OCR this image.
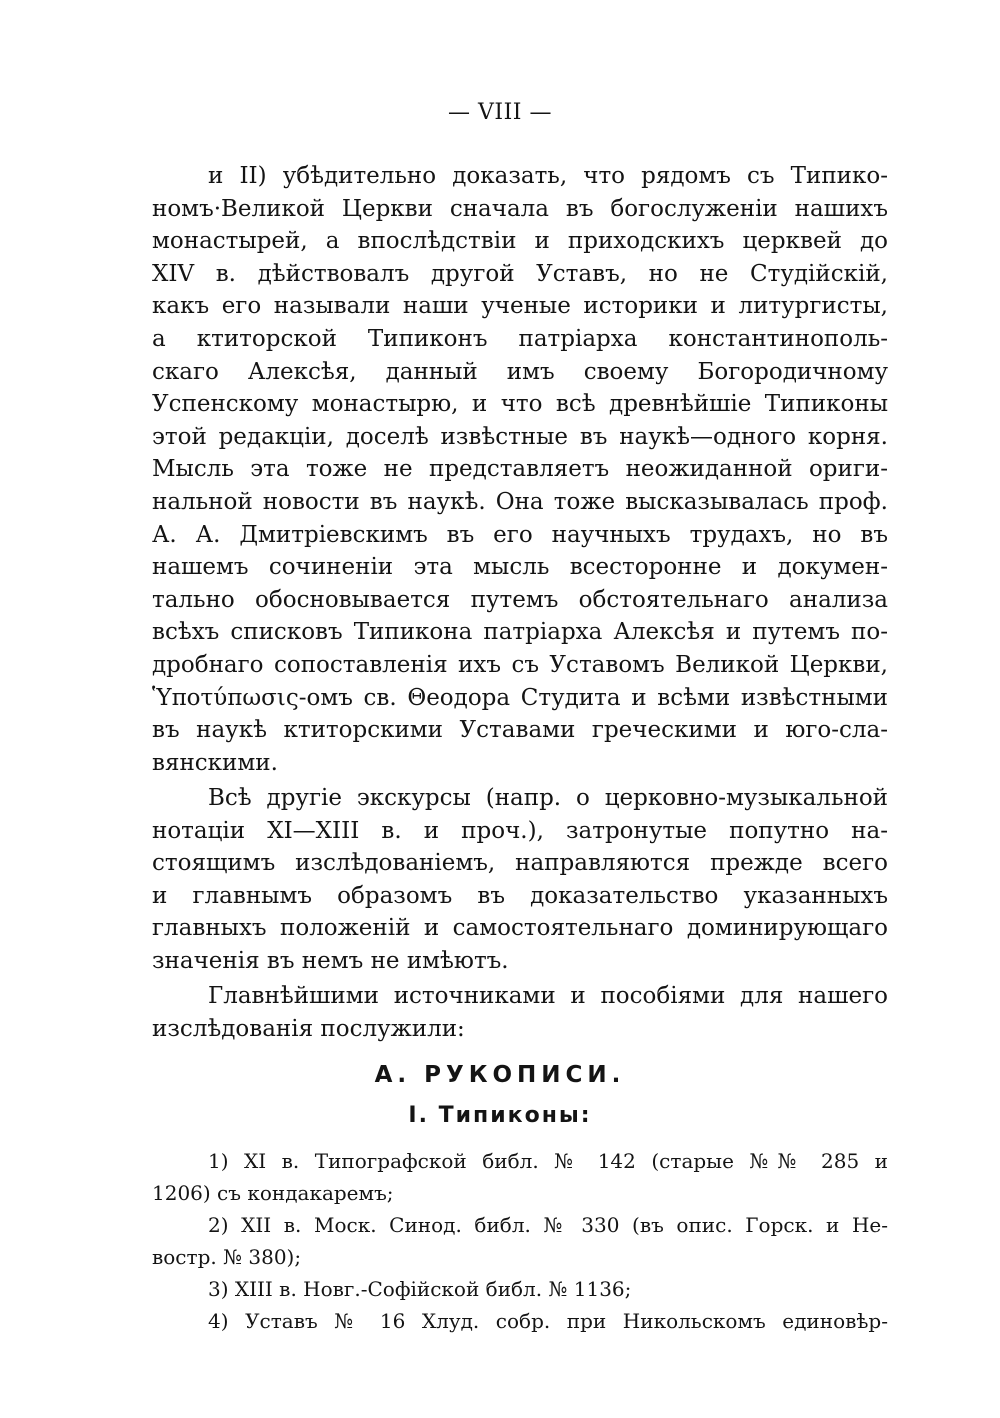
— VIII —
и II) убѣдительно доказать, что рядомъ съ Типико-
номъ·Великой Церкви сначала въ богослуженіи нашихъ
монастырей, а впослѣдствіи и приходскихъ церквей до
XIV в. дѣйствовалъ другой Уставъ, но не Студійскій,
какъ его называли наши ученые историки и литургисты,
а ктиторской Типиконъ патріарха константинополь-
скаго Алексѣя, данный имъ своему Богородичному
Успенскому монастырю, и что всѣ древнѣйшіе Типиконы
этой редакціи, доселѣ извѣстные въ наукѣ—одного корня.
Мысль эта тоже не представляетъ неожиданной ориги-
нальной новости въ наукѣ. Она тоже высказывалась проф.
А. А. Дмитріевскимъ въ его научныхъ трудахъ, но въ
нашемъ сочиненіи эта мысль всесторонне и докумен-
тально обосновывается путемъ обстоятельнаго анализа
всѣхъ списковъ Типикона патріарха Алексѣя и путемъ по-
дробнаго сопоставленія ихъ съ Уставомъ Великой Церкви,
Ὑποτύπωσις-омъ св. Θеодора Студита и всѣми извѣстными
въ наукѣ ктиторскими Уставами греческими и юго-сла-
вянскими.
Всѣ другіе экскурсы (напр. о церковно-музыкальной
нотаціи XI—XIII в. и проч.), затронутые попутно на-
стоящимъ изслѣдованіемъ, направляются прежде всего
и главнымъ образомъ въ доказательство указанныхъ
главныхъ положеній и самостоятельнаго доминирующаго
значенія въ немъ не имѣютъ.
Главнѣйшими источниками и пособіями для нашего
изслѣдованія послужили:
А. РУКОПИСИ.
I. Типиконы:
1) XI в. Типографской библ. № 142 (старые №№ 285 и
1206) съ кондакаремъ;
2) XII в. Моск. Синод. библ. № 330 (въ опис. Горск. и Не-
востр. № 380);
3) XIII в. Новг.-Софійской библ. № 1136;
4) Уставъ № 16 Хлуд. собр. при Никольскомъ единовѣр-
